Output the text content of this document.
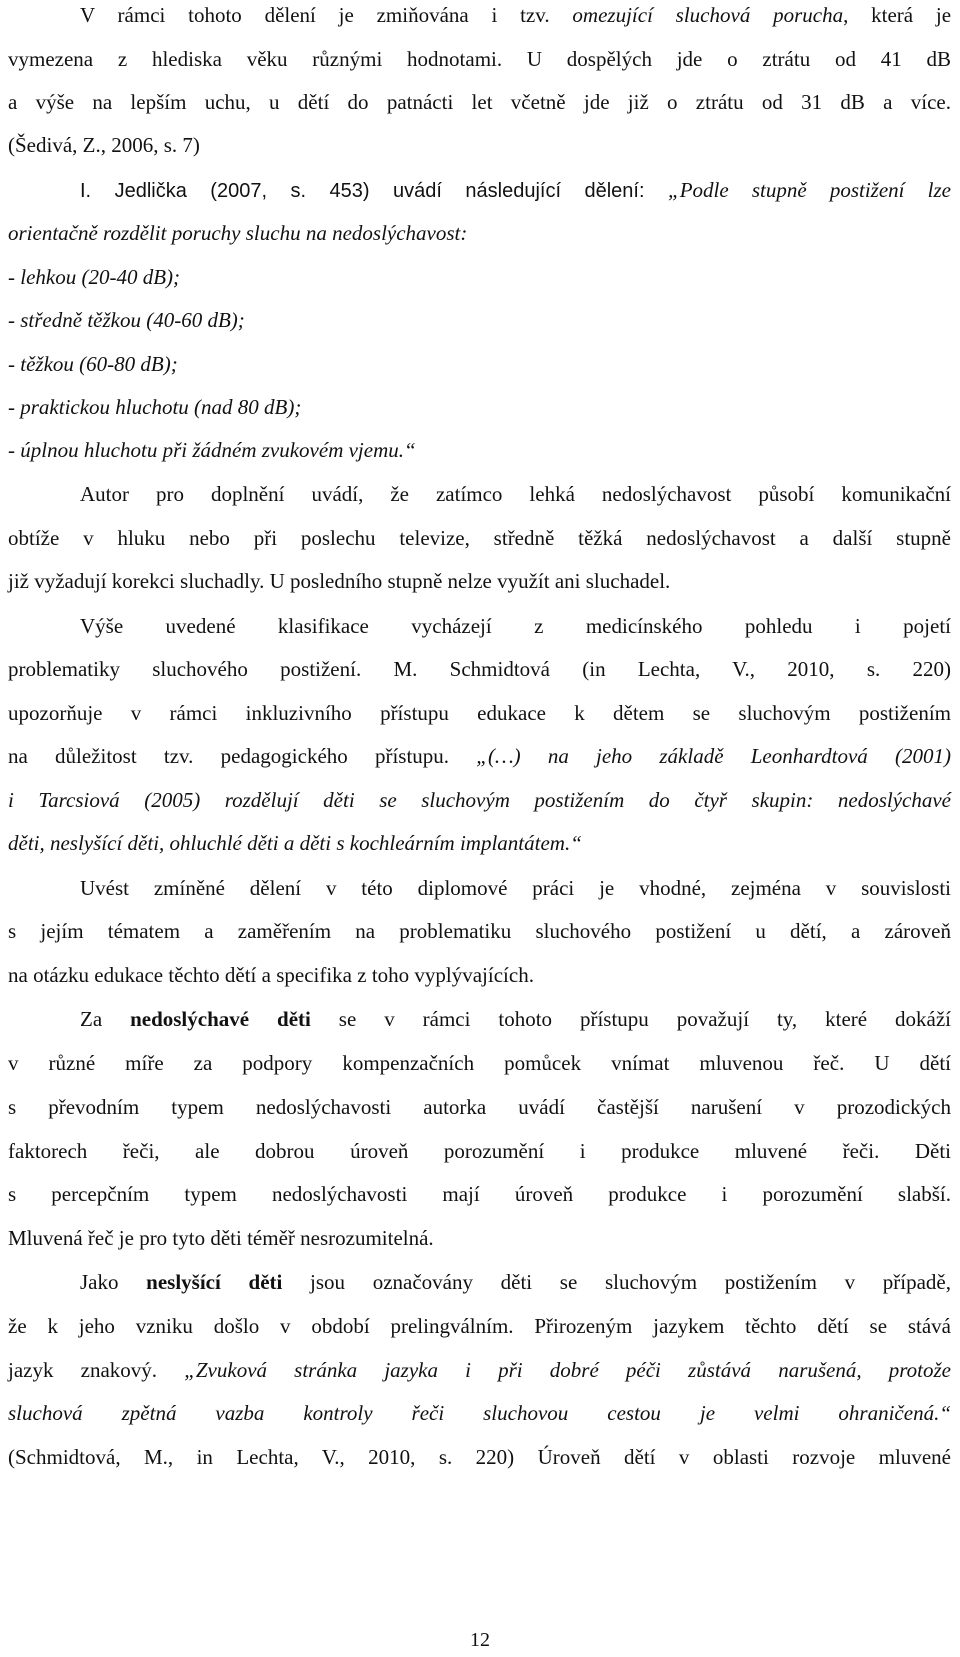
V rámci tohoto dělení je zmiňována i tzv. omezující sluchová porucha, která je
vymezena z hlediska věku různými hodnotami. U dospělých jde o ztrátu od 41 dB
a výše na lepším uchu, u dětí do patnácti let včetně jde již o ztrátu od 31 dB a více.
(Šedivá, Z., 2006, s. 7)
I. Jedlička (2007, s. 453) uvádí následující dělení: „Podle stupně postižení lze
orientačně rozdělit poruchy sluchu na nedoslýchavost:
- lehkou (20-40 dB);
- středně těžkou (40-60 dB);
- těžkou (60-80 dB);
- praktickou hluchotu (nad 80 dB);
- úplnou hluchotu při žádném zvukovém vjemu.“
Autor pro doplnění uvádí, že zatímco lehká nedoslýchavost působí komunikační
obtíže v hluku nebo při poslechu televize, středně těžká nedoslýchavost a další stupně
již vyžadují korekci sluchadly. U posledního stupně nelze využít ani sluchadel.
Výše uvedené klasifikace vycházejí z medicínského pohledu i pojetí
problematiky sluchového postižení. M. Schmidtová (in Lechta, V., 2010, s. 220)
upozorňuje v rámci inkluzivního přístupu edukace k dětem se sluchovým postižením
na důležitost tzv. pedagogického přístupu. „(…) na jeho základě Leonhardtová (2001)
i Tarcsiová (2005) rozdělují děti se sluchovým postižením do čtyř skupin: nedoslýchavé
děti, neslyšící děti, ohluchlé děti a děti s kochleárním implantátem.“
Uvést zmíněné dělení v této diplomové práci je vhodné, zejména v souvislosti
s jejím tématem a zaměřením na problematiku sluchového postižení u dětí, a zároveň
na otázku edukace těchto dětí a specifika z toho vyplývajících.
Za nedoslýchavé děti se v rámci tohoto přístupu považují ty, které dokáží
v různé míře za podpory kompenzačních pomůcek vnímat mluvenou řeč. U dětí
s převodním typem nedoslýchavosti autorka uvádí častější narušení v prozodických
faktorech řeči, ale dobrou úroveň porozumění i produkce mluvené řeči. Děti
s percepčním typem nedoslýchavosti mají úroveň produkce i porozumění slabší.
Mluvená řeč je pro tyto děti téměř nesrozumitelná.
Jako neslyšící děti jsou označovány děti se sluchovým postižením v případě,
že k jeho vzniku došlo v období prelingválním. Přirozeným jazykem těchto dětí se stává
jazyk znakový. „Zvuková stránka jazyka i při dobré péči zůstává narušená, protože
sluchová zpětná vazba kontroly řeči sluchovou cestou je velmi ohraničená.“
(Schmidtová, M., in Lechta, V., 2010, s. 220) Úroveň dětí v oblasti rozvoje mluvené
12
